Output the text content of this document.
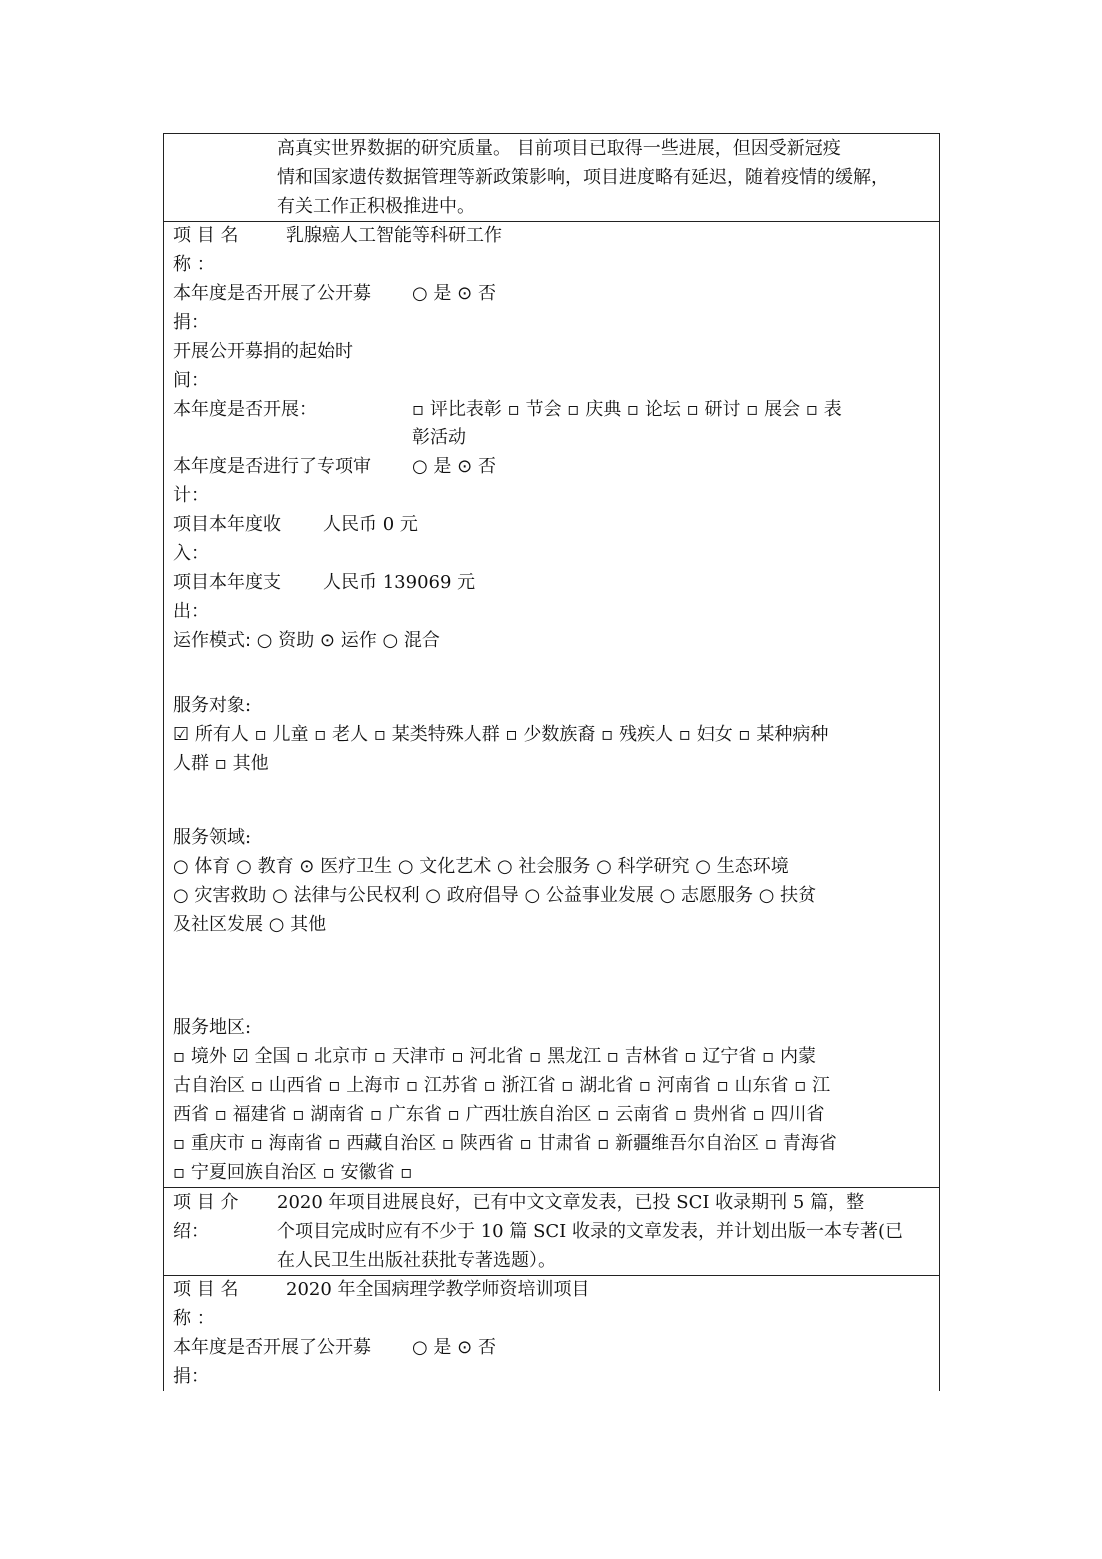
高真实世界数据的研究质量。 目前项目已取得一些进展，但因受新冠疫
情和国家遗传数据管理等新政策影响，项目进度略有延迟，随着疫情的缓解，
有关工作正积极推进中。
项 目 名
称 ：
乳腺癌人工智能等科研工作
本年度是否开展了公开募
捐：
○ 是 ⊙ 否
开展公开募捐的起始时
间：
本年度是否开展：	▫ 评比表彰 ▫ 节会 ▫ 庆典 ▫ 论坛 ▫ 研讨 ▫ 展会 ▫ 表
彰活动
本年度是否进行了专项审
计：
○ 是 ⊙ 否
项目本年度收
入：
人民币 0 元
项目本年度支
出：
人民币 139069 元
运作模式: ○ 资助 ⊙ 运作 ○ 混合
服务对象:
☑ 所有人 ▫ 儿童 ▫ 老人 ▫ 某类特殊人群 ▫ 少数族裔 ▫ 残疾人 ▫ 妇女 ▫ 某种病种
人群 ▫ 其他
服务领域:
○ 体育 ○ 教育 ⊙ 医疗卫生 ○ 文化艺术 ○ 社会服务 ○ 科学研究 ○ 生态环境
○ 灾害救助 ○ 法律与公民权利 ○ 政府倡导 ○ 公益事业发展 ○ 志愿服务 ○ 扶贫
及社区发展 ○ 其他
服务地区:
▫ 境外 ☑ 全国 ▫ 北京市 ▫ 天津市 ▫ 河北省 ▫ 黑龙江 ▫ 吉林省 ▫ 辽宁省 ▫ 内蒙
古自治区 ▫ 山西省 ▫ 上海市 ▫ 江苏省 ▫ 浙江省 ▫ 湖北省 ▫ 河南省 ▫ 山东省 ▫ 江
西省 ▫ 福建省 ▫ 湖南省 ▫ 广东省 ▫ 广西壮族自治区 ▫ 云南省 ▫ 贵州省 ▫ 四川省
▫ 重庆市 ▫ 海南省 ▫ 西藏自治区 ▫ 陕西省 ▫ 甘肃省 ▫ 新疆维吾尔自治区 ▫ 青海省
▫ 宁夏回族自治区 ▫ 安徽省 ▫
项 目 介
绍：
2020 年项目进展良好，已有中文文章发表，已投 SCI 收录期刊 5 篇，整
个项目完成时应有不少于 10 篇 SCI 收录的文章发表，并计划出版一本专著(已
在人民卫生出版社获批专著选题）。
项 目 名
称 ：
2020 年全国病理学教学师资培训项目
本年度是否开展了公开募
捐：
○ 是 ⊙ 否
